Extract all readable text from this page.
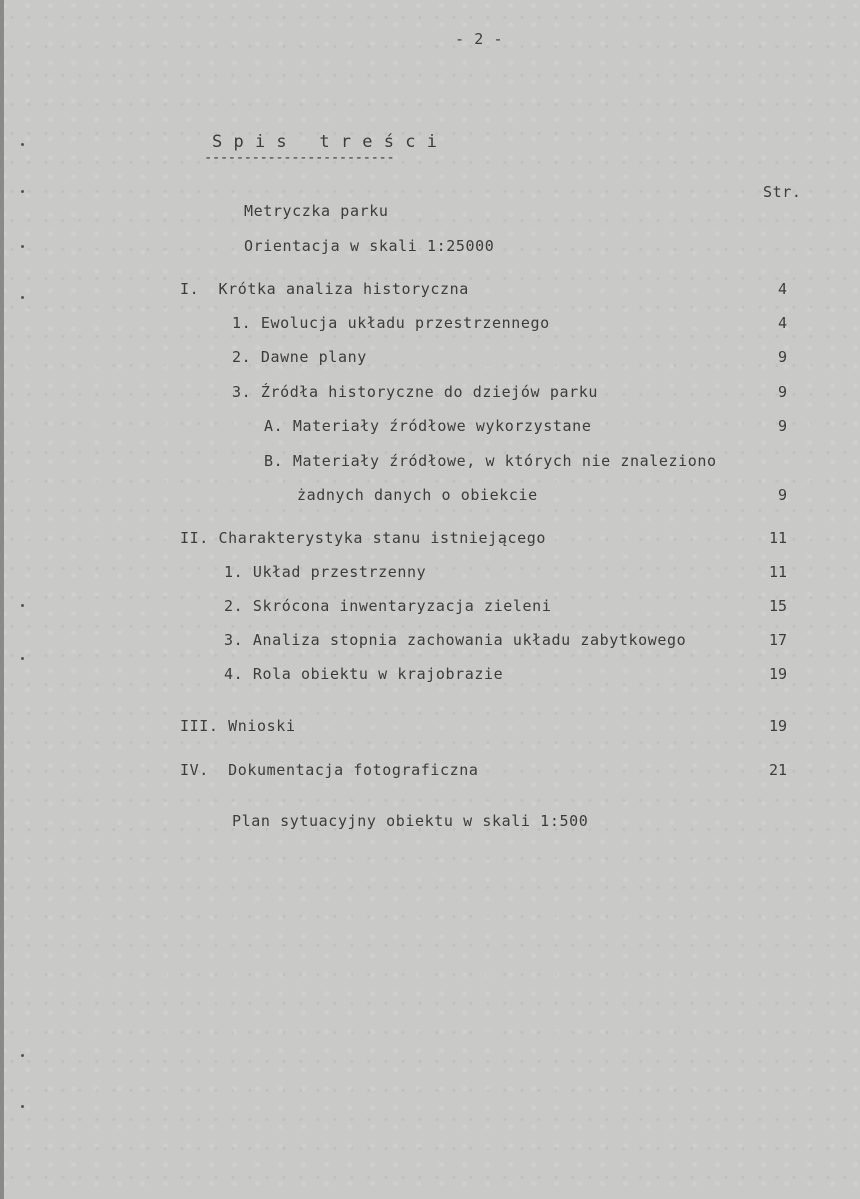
- 2 -
S p i s   t r e ś c i
------------------------
Str.
Metryczka parku
Orientacja w skali 1:25000
I.  Krótka analiza historyczna	4
1. Ewolucja układu przestrzennego	4
2. Dawne plany	9
3. Źródła historyczne do dziejów parku	9
A. Materiały źródłowe wykorzystane	9
B. Materiały źródłowe, w których nie znaleziono
żadnych danych o obiekcie	9
II. Charakterystyka stanu istniejącego	11
1. Układ przestrzenny	11
2. Skrócona inwentaryzacja zieleni	15
3. Analiza stopnia zachowania układu zabytkowego	17
4. Rola obiektu w krajobrazie	19
III. Wnioski	19
IV.  Dokumentacja fotograficzna	21
Plan sytuacyjny obiektu w skali 1:500
